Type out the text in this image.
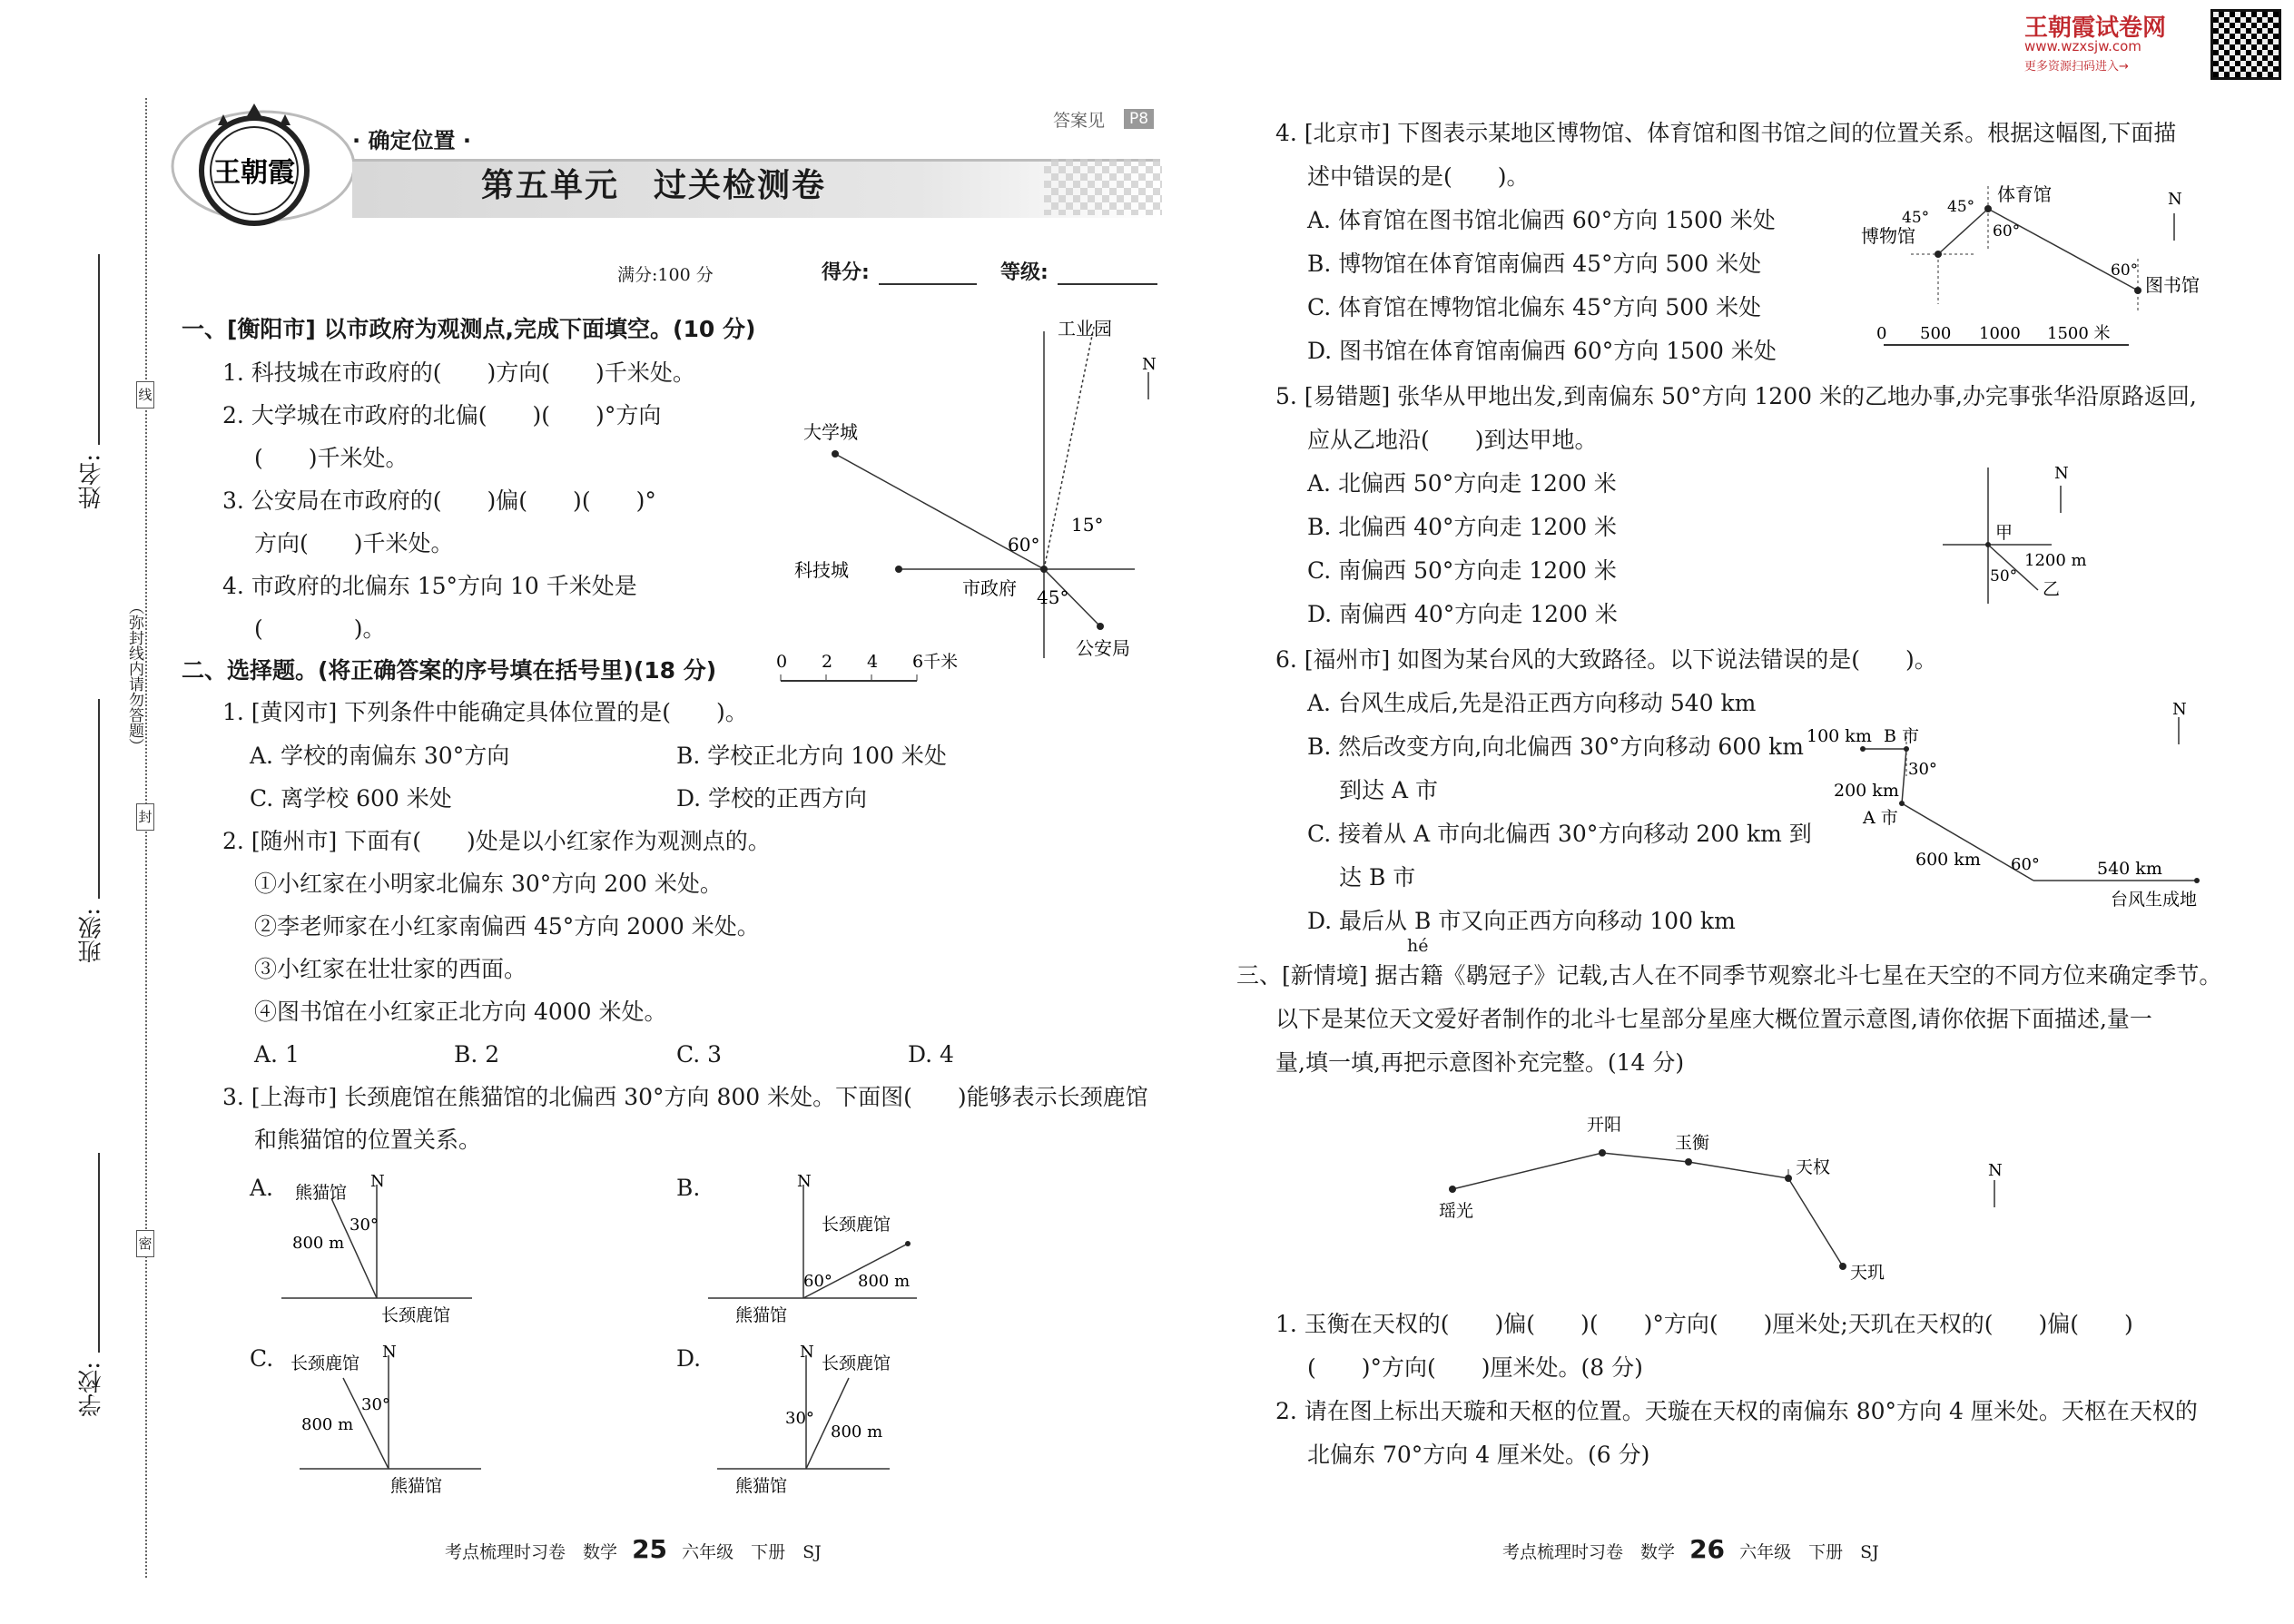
王朝霞试卷网
www.wzxsjw.com
更多资源扫码进入→
线
封
密
（弥封线内请勿答题）
姓名:
班级:
学校:
王朝霞
· 确定位置 ·
第五单元　过关检测卷
答案见	P8
满分:100 分	得分:	等级:
一、[衡阳市] 以市政府为观测点,完成下面填空。(10 分)
1. 科技城在市政府的(　　)方向(　　)千米处。
2. 大学城在市政府的北偏(　　)(　　)°方向
(　　)千米处。
3. 公安局在市政府的(　　)偏(　　)(　　)°
方向(　　)千米处。
4. 市政府的北偏东 15°方向 10 千米处是
(　　　　)。
工业园
大学城
科技城
市政府
公安局
60°
15°
45°
N
0 2 4 6千米
二、选择题。(将正确答案的序号填在括号里)(18 分)
1. [黄冈市] 下列条件中能确定具体位置的是(　　)。
A. 学校的南偏东 30°方向	B. 学校正北方向 100 米处
C. 离学校 600 米处	D. 学校的正西方向
2. [随州市] 下面有(　　)处是以小红家作为观测点的。
①小红家在小明家北偏东 30°方向 200 米处。
②李老师家在小红家南偏西 45°方向 2000 米处。
③小红家在壮壮家的西面。
④图书馆在小红家正北方向 4000 米处。
A. 1	B. 2	C. 3	D. 4
3. [上海市] 长颈鹿馆在熊猫馆的北偏西 30°方向 800 米处。下面图(　　)能够表示长颈鹿馆
和熊猫馆的位置关系。
A.	N
熊猫馆
30°
800 m
长颈鹿馆
B.	N
长颈鹿馆
60° 800 m
熊猫馆
C.	N
长颈鹿馆
30°
800 m
熊猫馆
D.	N
长颈鹿馆
30°
800 m
熊猫馆
考点梳理时习卷　数学 25 六年级　下册　SJ
4. [北京市] 下图表示某地区博物馆、体育馆和图书馆之间的位置关系。根据这幅图,下面描
述中错误的是(　　)。
A. 体育馆在图书馆北偏西 60°方向 1500 米处
B. 博物馆在体育馆南偏西 45°方向 500 米处
C. 体育馆在博物馆北偏东 45°方向 500 米处
D. 图书馆在体育馆南偏西 60°方向 1500 米处
体育馆
博物馆
图书馆
45°
45°
60°
60°
N
0 500 1000 1500 米
5. [易错题] 张华从甲地出发,到南偏东 50°方向 1200 米的乙地办事,办完事张华沿原路返回,
应从乙地沿(　　)到达甲地。
A. 北偏西 50°方向走 1200 米
B. 北偏西 40°方向走 1200 米
C. 南偏西 50°方向走 1200 米
D. 南偏西 40°方向走 1200 米
甲
乙
1200 m
50°
N
6. [福州市] 如图为某台风的大致路径。以下说法错误的是(　　)。
A. 台风生成后,先是沿正西方向移动 540 km
B. 然后改变方向,向北偏西 30°方向移动 600 km
到达 A 市
C. 接着从 A 市向北偏西 30°方向移动 200 km 到
达 B 市
D. 最后从 B 市又向正西方向移动 100 km
100 km B 市
30°
200 km
A 市
600 km 60°	540 km
台风生成地
N
hé
三、[新情境] 据古籍《鹖冠子》记载,古人在不同季节观察北斗七星在天空的不同方位来确定季节。
以下是某位天文爱好者制作的北斗七星部分星座大概位置示意图,请你依据下面描述,量一
量,填一填,再把示意图补充完整。(14 分)
开阳
玉衡
天权
瑶光
天玑
N
1. 玉衡在天权的(　　)偏(　　)(　　)°方向(　　)厘米处;天玑在天权的(　　)偏(　　)
(　　)°方向(　　)厘米处。(8 分)
2. 请在图上标出天璇和天枢的位置。天璇在天权的南偏东 80°方向 4 厘米处。天枢在天权的
北偏东 70°方向 4 厘米处。(6 分)
考点梳理时习卷　数学 26 六年级　下册　SJ
